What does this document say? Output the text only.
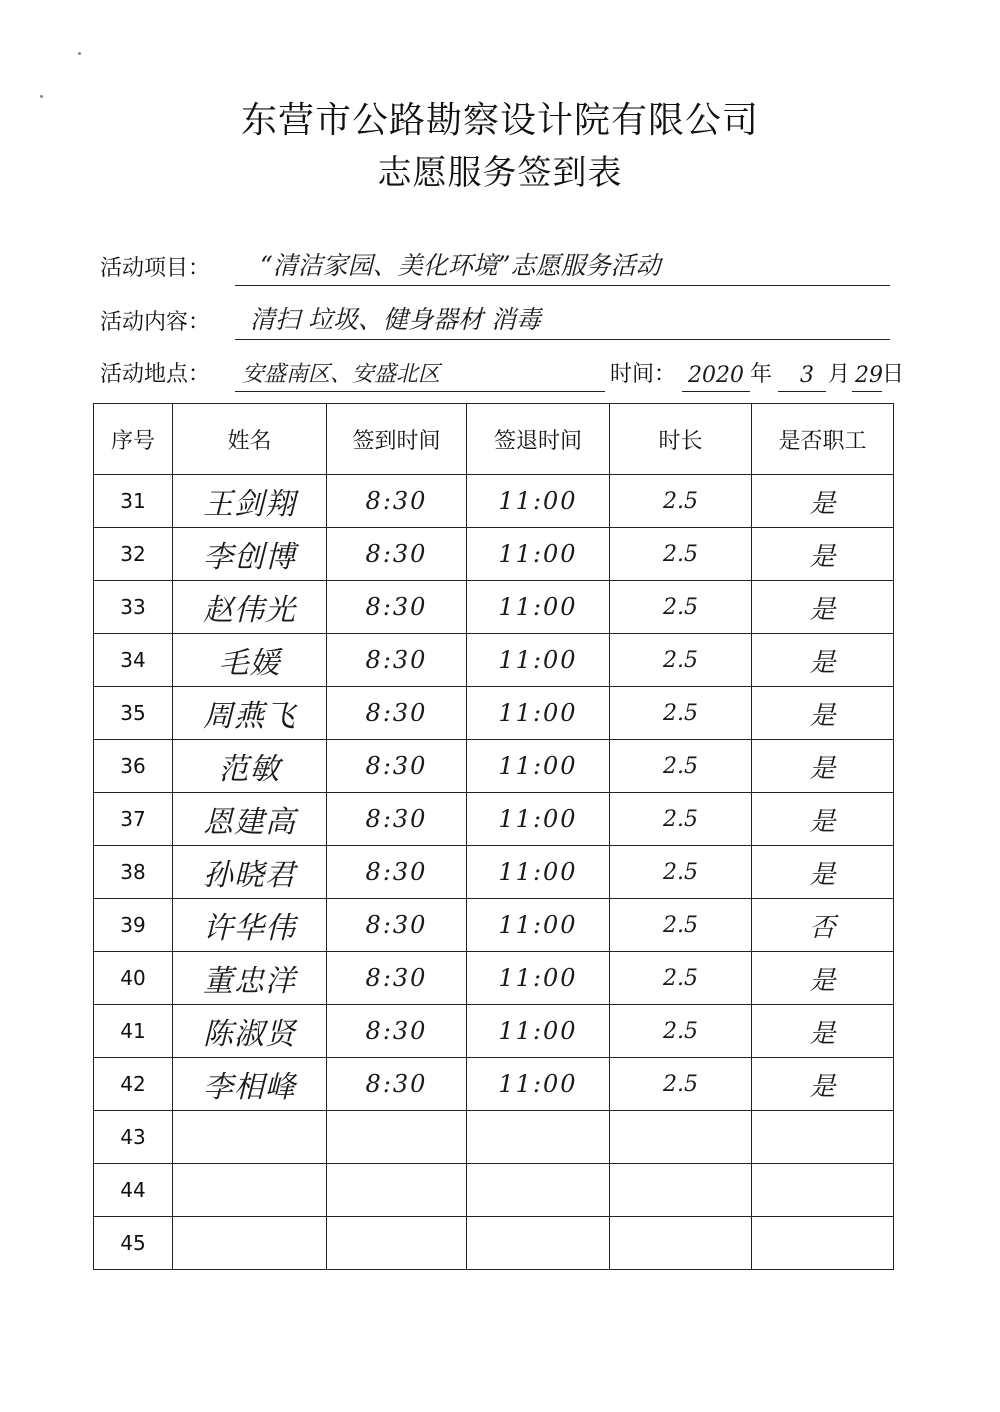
东营市公路勘察设计院有限公司
志愿服务签到表
活动项目： “清洁家园、美化环境”志愿服务活动
活动内容： 清扫 垃圾、健身器材 消毒
活动地点： 安盛南区、安盛北区	时间： 2020 年 3 月 29 日
序号	姓名	签到时间	签退时间	时长	是否职工
31	王剑翔	8:30	11:00	2.5	是
32	李创博	8:30	11:00	2.5	是
33	赵伟光	8:30	11:00	2.5	是
34	毛媛	8:30	11:00	2.5	是
35	周燕飞	8:30	11:00	2.5	是
36	范敏	8:30	11:00	2.5	是
37	恩建高	8:30	11:00	2.5	是
38	孙晓君	8:30	11:00	2.5	是
39	许华伟	8:30	11:00	2.5	否
40	董忠洋	8:30	11:00	2.5	是
41	陈淑贤	8:30	11:00	2.5	是
42	李相峰	8:30	11:00	2.5	是
43					
44					
45					
